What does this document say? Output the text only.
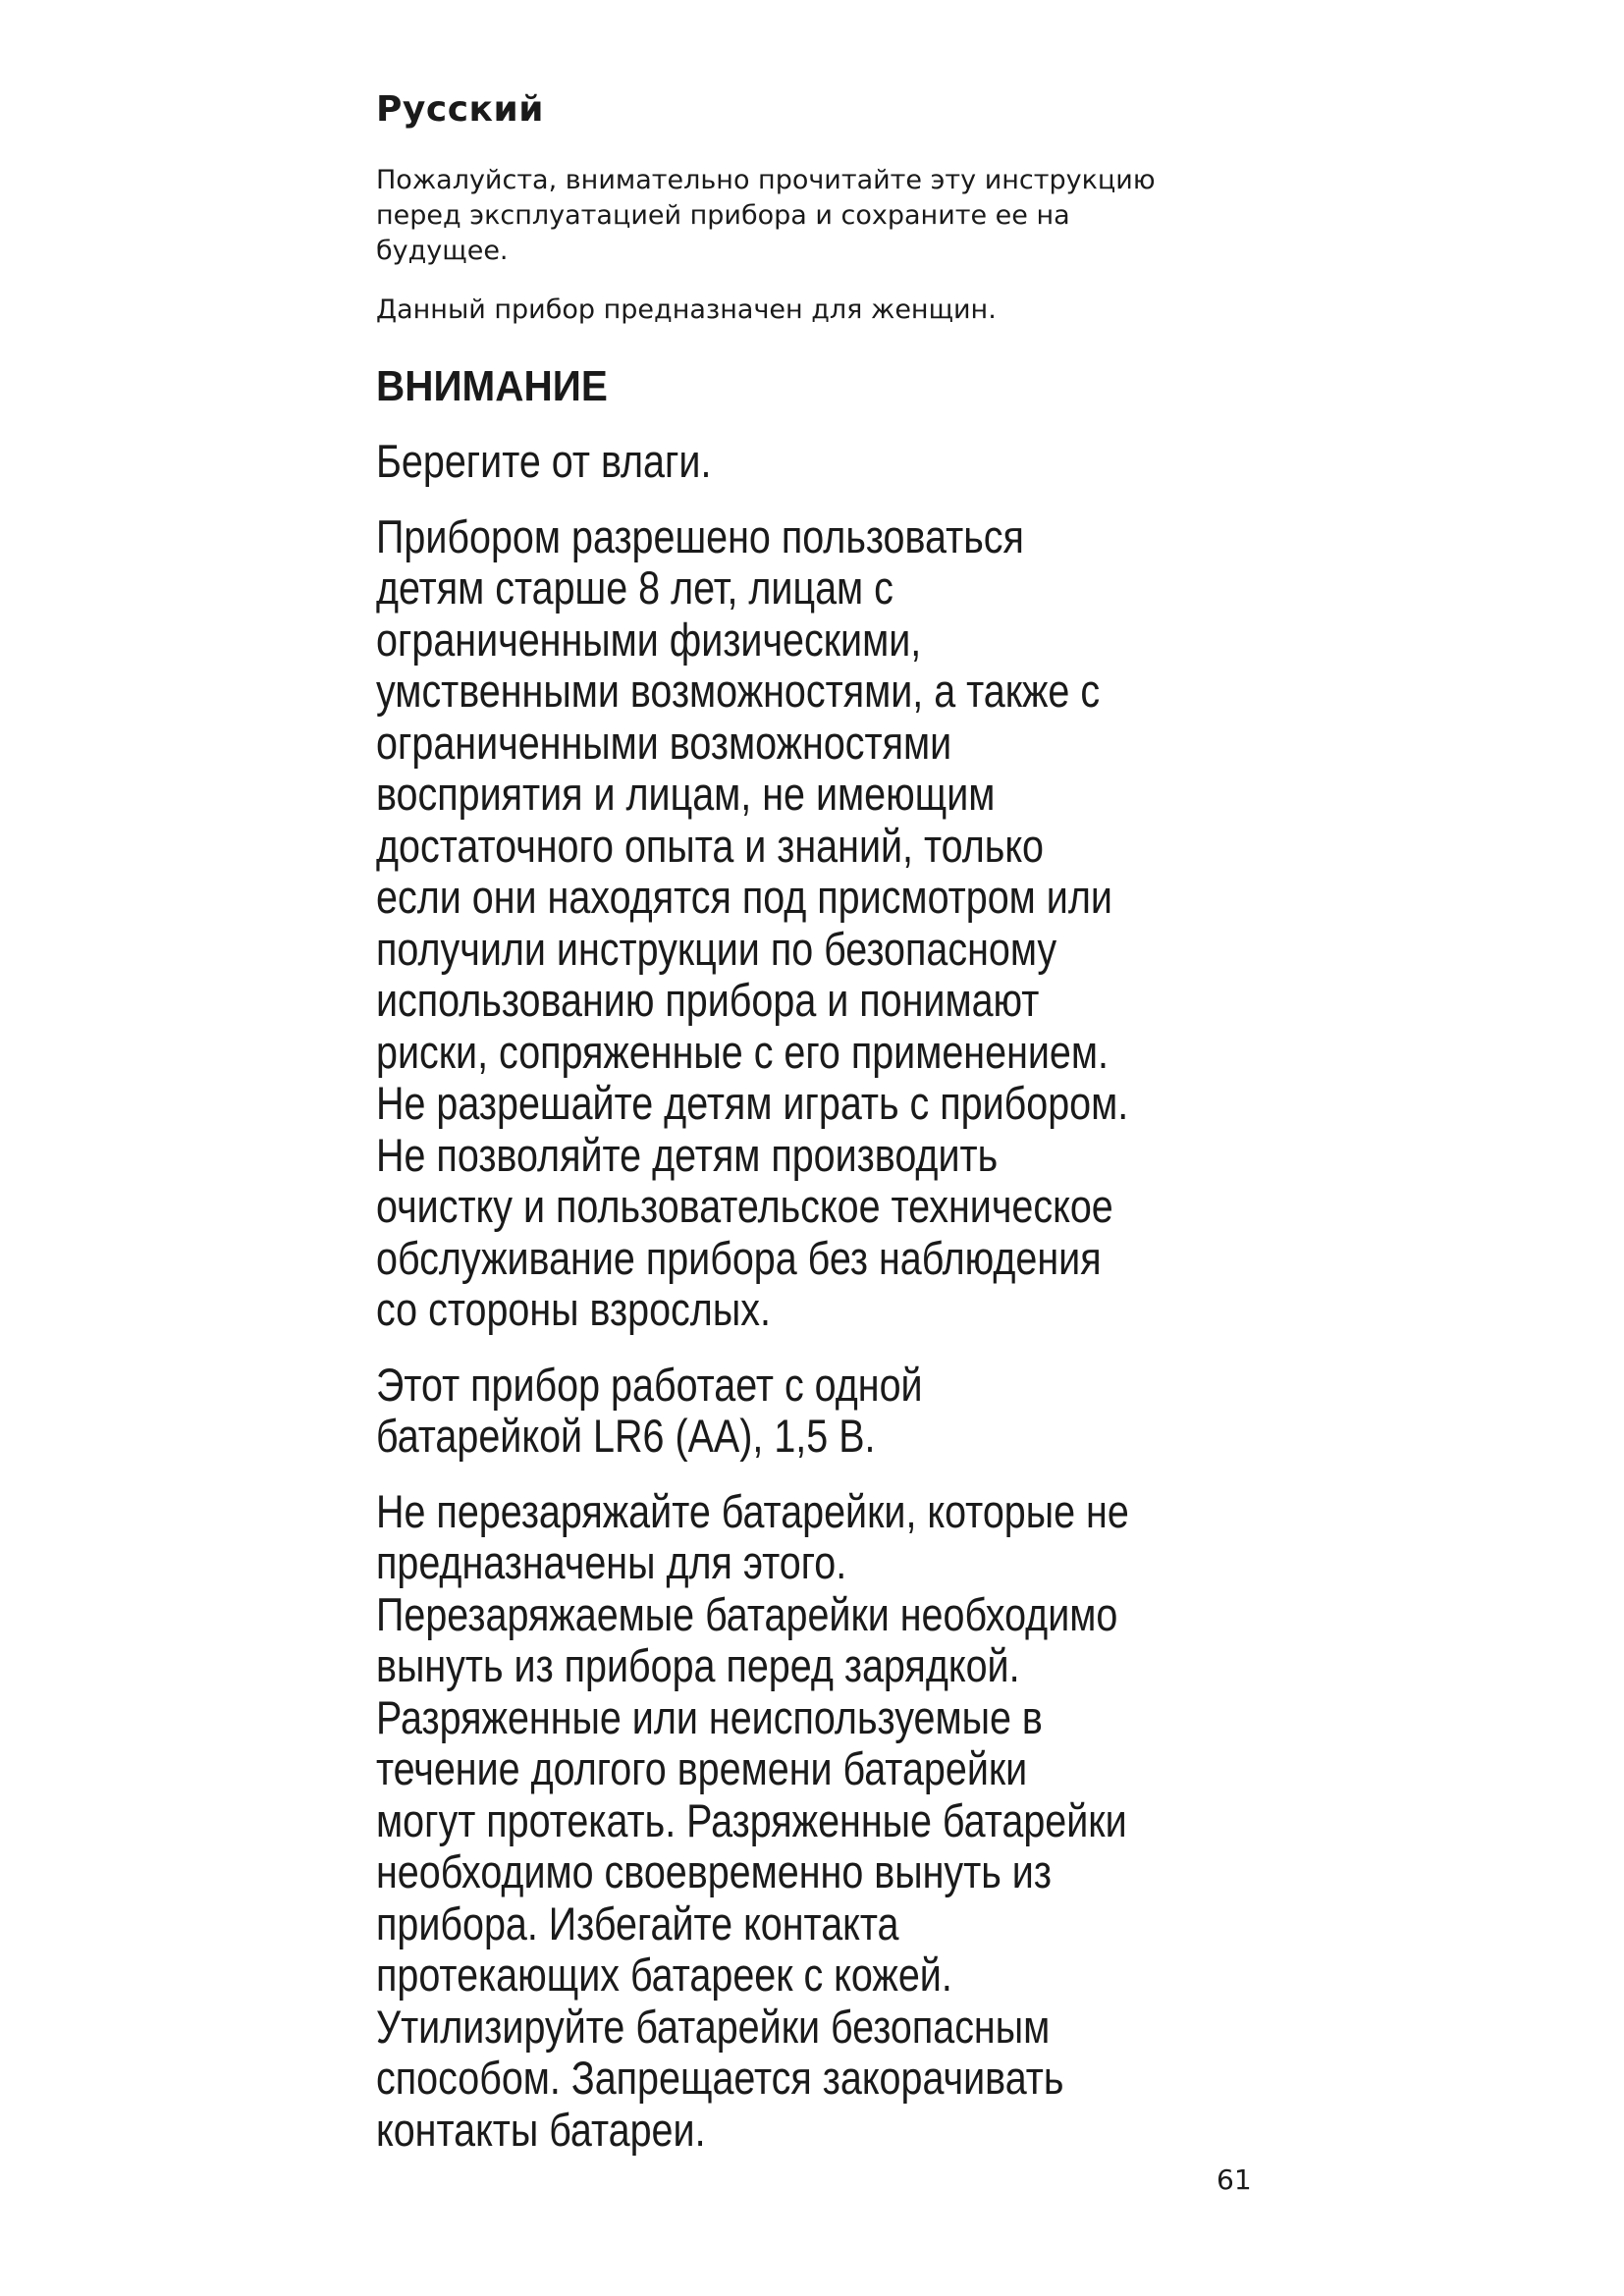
Русский

Пожалуйста, внимательно прочитайте эту инструкцию
перед эксплуатацией прибора и сохраните ее на
будущее.

Данный прибор предназначен для женщин.

ВНИМАНИЕ

Берегите от влаги.

Прибором разрешено пользоваться
детям старше 8 лет, лицам с
ограниченными физическими,
умственными возможностями, а также с
ограниченными возможностями
восприятия и лицам, не имеющим
достаточного опыта и знаний, только
если они находятся под присмотром или
получили инструкции по безопасному
использованию прибора и понимают
риски, сопряженные с его применением.
Не разрешайте детям играть с прибором.
Не позволяйте детям производить
очистку и пользовательское техническое
обслуживание прибора без наблюдения
со стороны взрослых.

Этот прибор работает с одной
батарейкой LR6 (AA), 1,5 В.

Не перезаряжайте батарейки, которые не
предназначены для этого.
Перезаряжаемые батарейки необходимо
вынуть из прибора перед зарядкой.
Разряженные или неиспользуемые в
течение долгого времени батарейки
могут протекать. Разряженные батарейки
необходимо своевременно вынуть из
прибора. Избегайте контакта
протекающих батареек с кожей.
Утилизируйте батарейки безопасным
способом. Запрещается закорачивать
контакты батареи.

61
